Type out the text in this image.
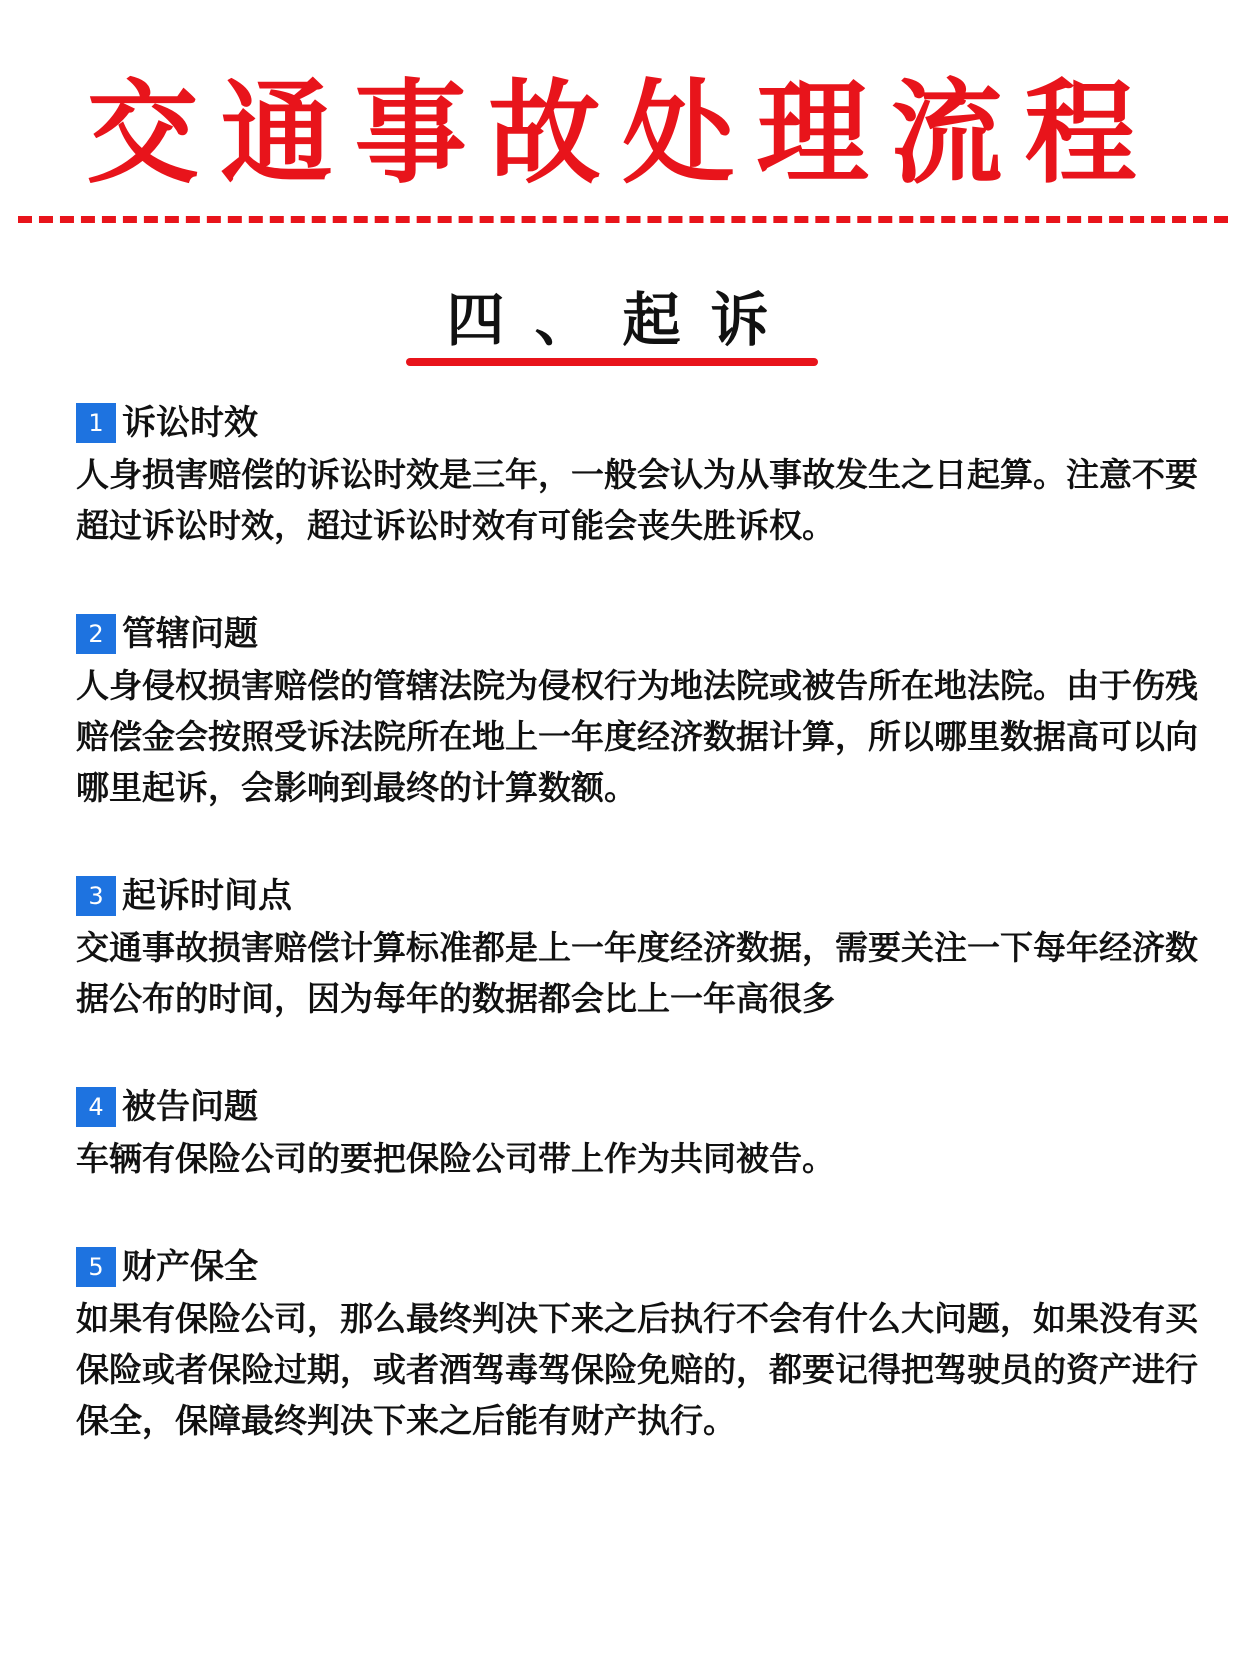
交通事故处理流程
四、起诉
1 诉讼时效
人身损害赔偿的诉讼时效是三年，一般会认为从事故发生之日起算。注意不要超过诉讼时效，超过诉讼时效有可能会丧失胜诉权。
2 管辖问题
人身侵权损害赔偿的管辖法院为侵权行为地法院或被告所在地法院。由于伤残赔偿金会按照受诉法院所在地上一年度经济数据计算，所以哪里数据高可以向哪里起诉，会影响到最终的计算数额。
3 起诉时间点
交通事故损害赔偿计算标准都是上一年度经济数据，需要关注一下每年经济数据公布的时间，因为每年的数据都会比上一年高很多
4 被告问题
车辆有保险公司的要把保险公司带上作为共同被告。
5 财产保全
如果有保险公司，那么最终判决下来之后执行不会有什么大问题，如果没有买保险或者保险过期，或者酒驾毒驾保险免赔的，都要记得把驾驶员的资产进行保全，保障最终判决下来之后能有财产执行。
